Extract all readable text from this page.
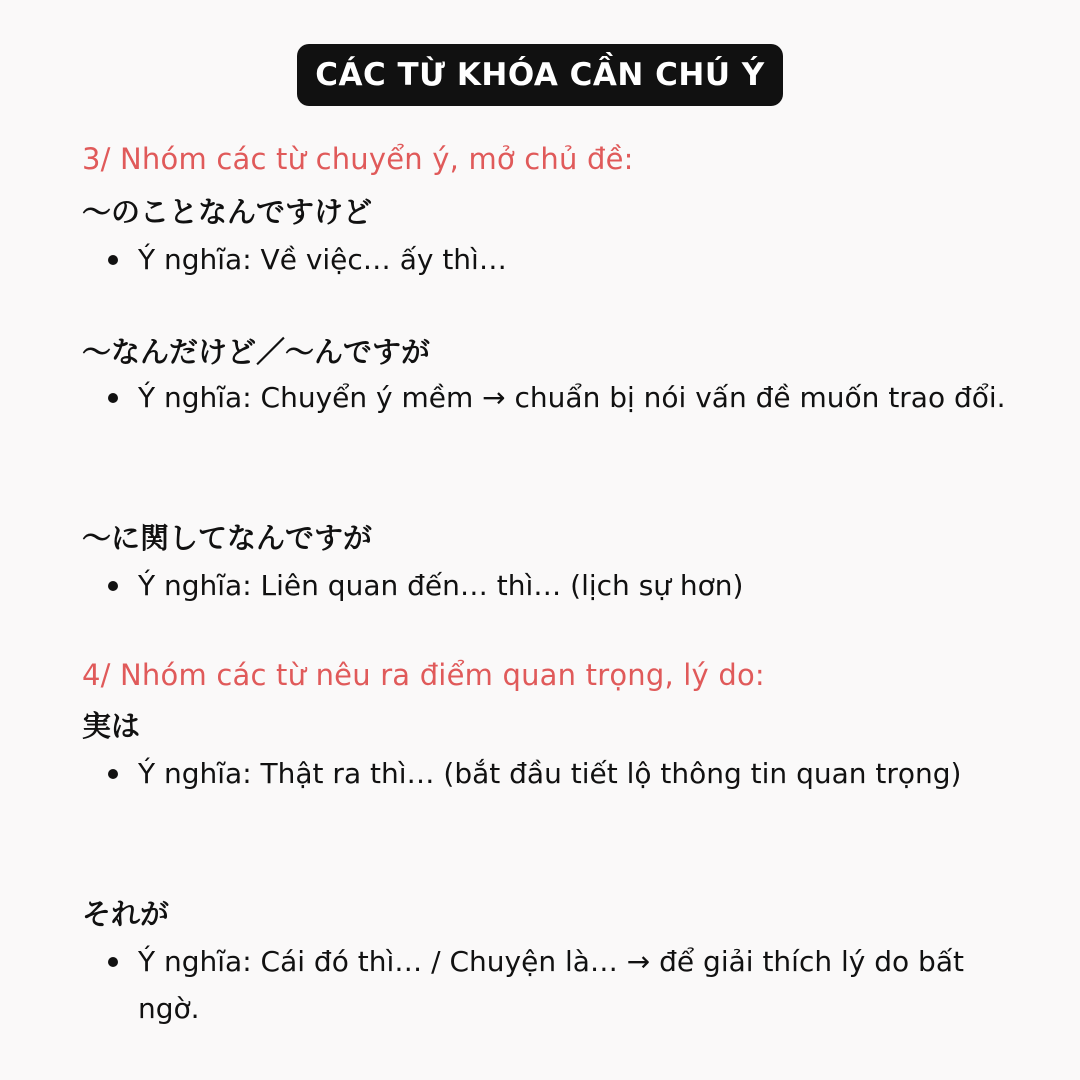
CÁC TỪ KHÓA CẦN CHÚ Ý
3/ Nhóm các từ chuyển ý, mở chủ đề:
～のことなんですけど
Ý nghĩa: Về việc… ấy thì…
～なんだけど／～んですが
Ý nghĩa: Chuyển ý mềm → chuẩn bị nói vấn đề muốn trao đổi.
～に関してなんですが
Ý nghĩa: Liên quan đến… thì… (lịch sự hơn)
4/ Nhóm các từ nêu ra điểm quan trọng, lý do:
実は
Ý nghĩa: Thật ra thì… (bắt đầu tiết lộ thông tin quan trọng)
それが
Ý nghĩa: Cái đó thì… / Chuyện là… → để giải thích lý do bất ngờ.
